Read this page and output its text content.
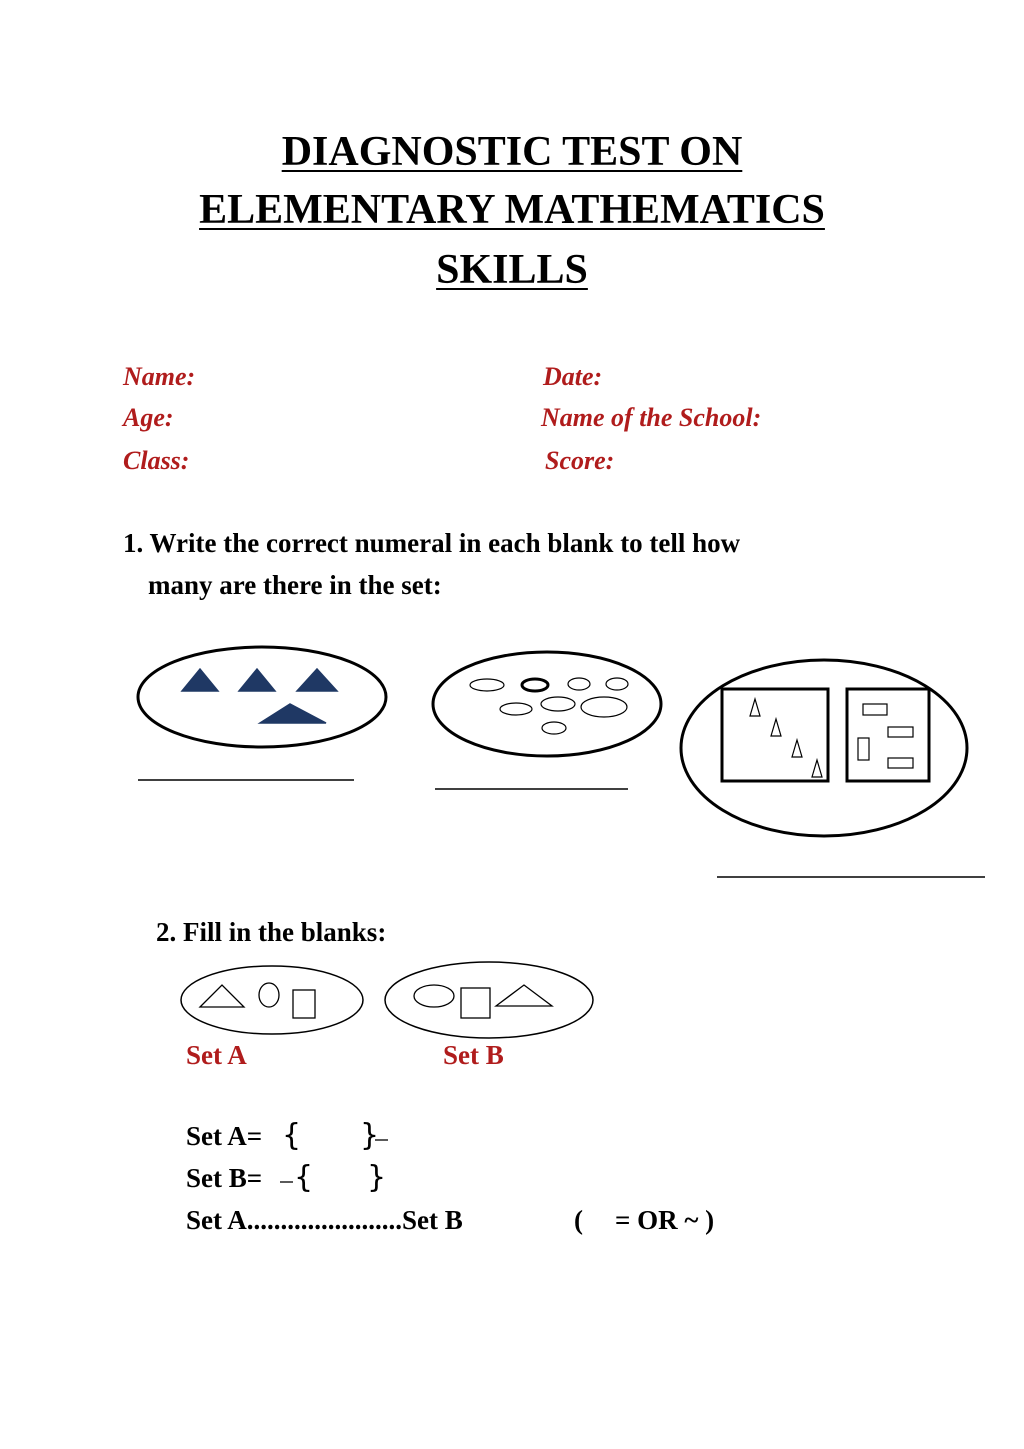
DIAGNOSTIC TEST ON
ELEMENTARY MATHEMATICS
SKILLS
Name:	Date:
Age:	Name of the School:
Class:	Score:
1. Write the correct numeral in each blank to tell how
many are there in the set:
2. Fill in the blanks:
Set A	Set B
Set A= { }
Set B= { }
Set A.......................Set B	( = OR ~ )
